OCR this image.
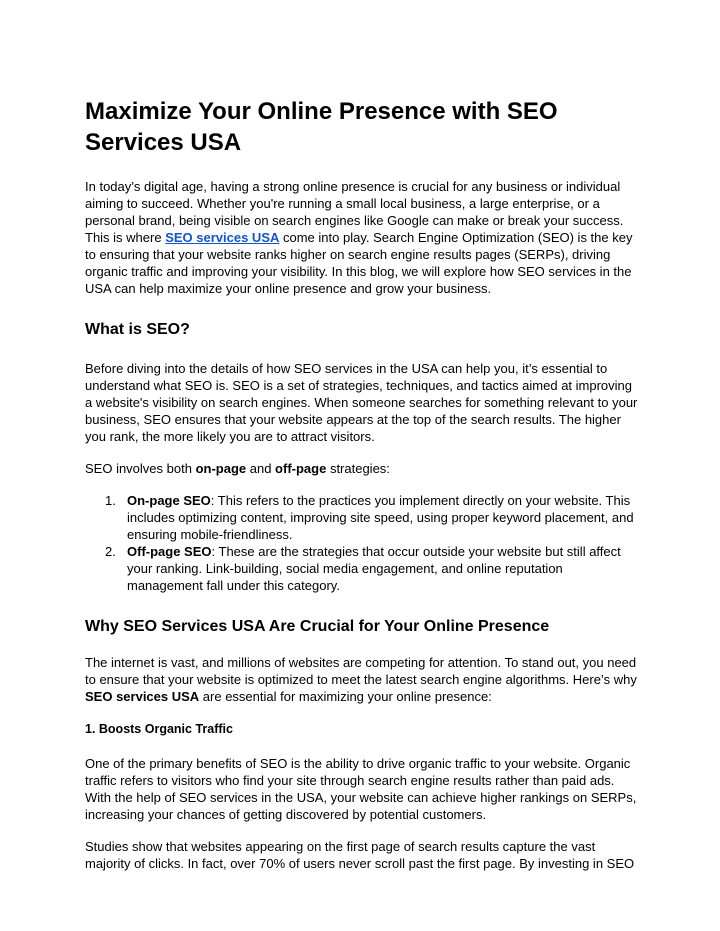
Maximize Your Online Presence with SEO Services USA

In today’s digital age, having a strong online presence is crucial for any business or individual aiming to succeed. Whether you're running a small local business, a large enterprise, or a personal brand, being visible on search engines like Google can make or break your success. This is where SEO services USA come into play. Search Engine Optimization (SEO) is the key to ensuring that your website ranks higher on search engine results pages (SERPs), driving organic traffic and improving your visibility. In this blog, we will explore how SEO services in the USA can help maximize your online presence and grow your business.

What is SEO?

Before diving into the details of how SEO services in the USA can help you, it’s essential to understand what SEO is. SEO is a set of strategies, techniques, and tactics aimed at improving a website's visibility on search engines. When someone searches for something relevant to your business, SEO ensures that your website appears at the top of the search results. The higher you rank, the more likely you are to attract visitors.

SEO involves both on-page and off-page strategies:

1. On-page SEO: This refers to the practices you implement directly on your website. This includes optimizing content, improving site speed, using proper keyword placement, and ensuring mobile-friendliness.
2. Off-page SEO: These are the strategies that occur outside your website but still affect your ranking. Link-building, social media engagement, and online reputation management fall under this category.
Why SEO Services USA Are Crucial for Your Online Presence

The internet is vast, and millions of websites are competing for attention. To stand out, you need to ensure that your website is optimized to meet the latest search engine algorithms. Here’s why SEO services USA are essential for maximizing your online presence:

1. Boosts Organic Traffic

One of the primary benefits of SEO is the ability to drive organic traffic to your website. Organic traffic refers to visitors who find your site through search engine results rather than paid ads. With the help of SEO services in the USA, your website can achieve higher rankings on SERPs, increasing your chances of getting discovered by potential customers.

Studies show that websites appearing on the first page of search results capture the vast majority of clicks. In fact, over 70% of users never scroll past the first page. By investing in SEO
